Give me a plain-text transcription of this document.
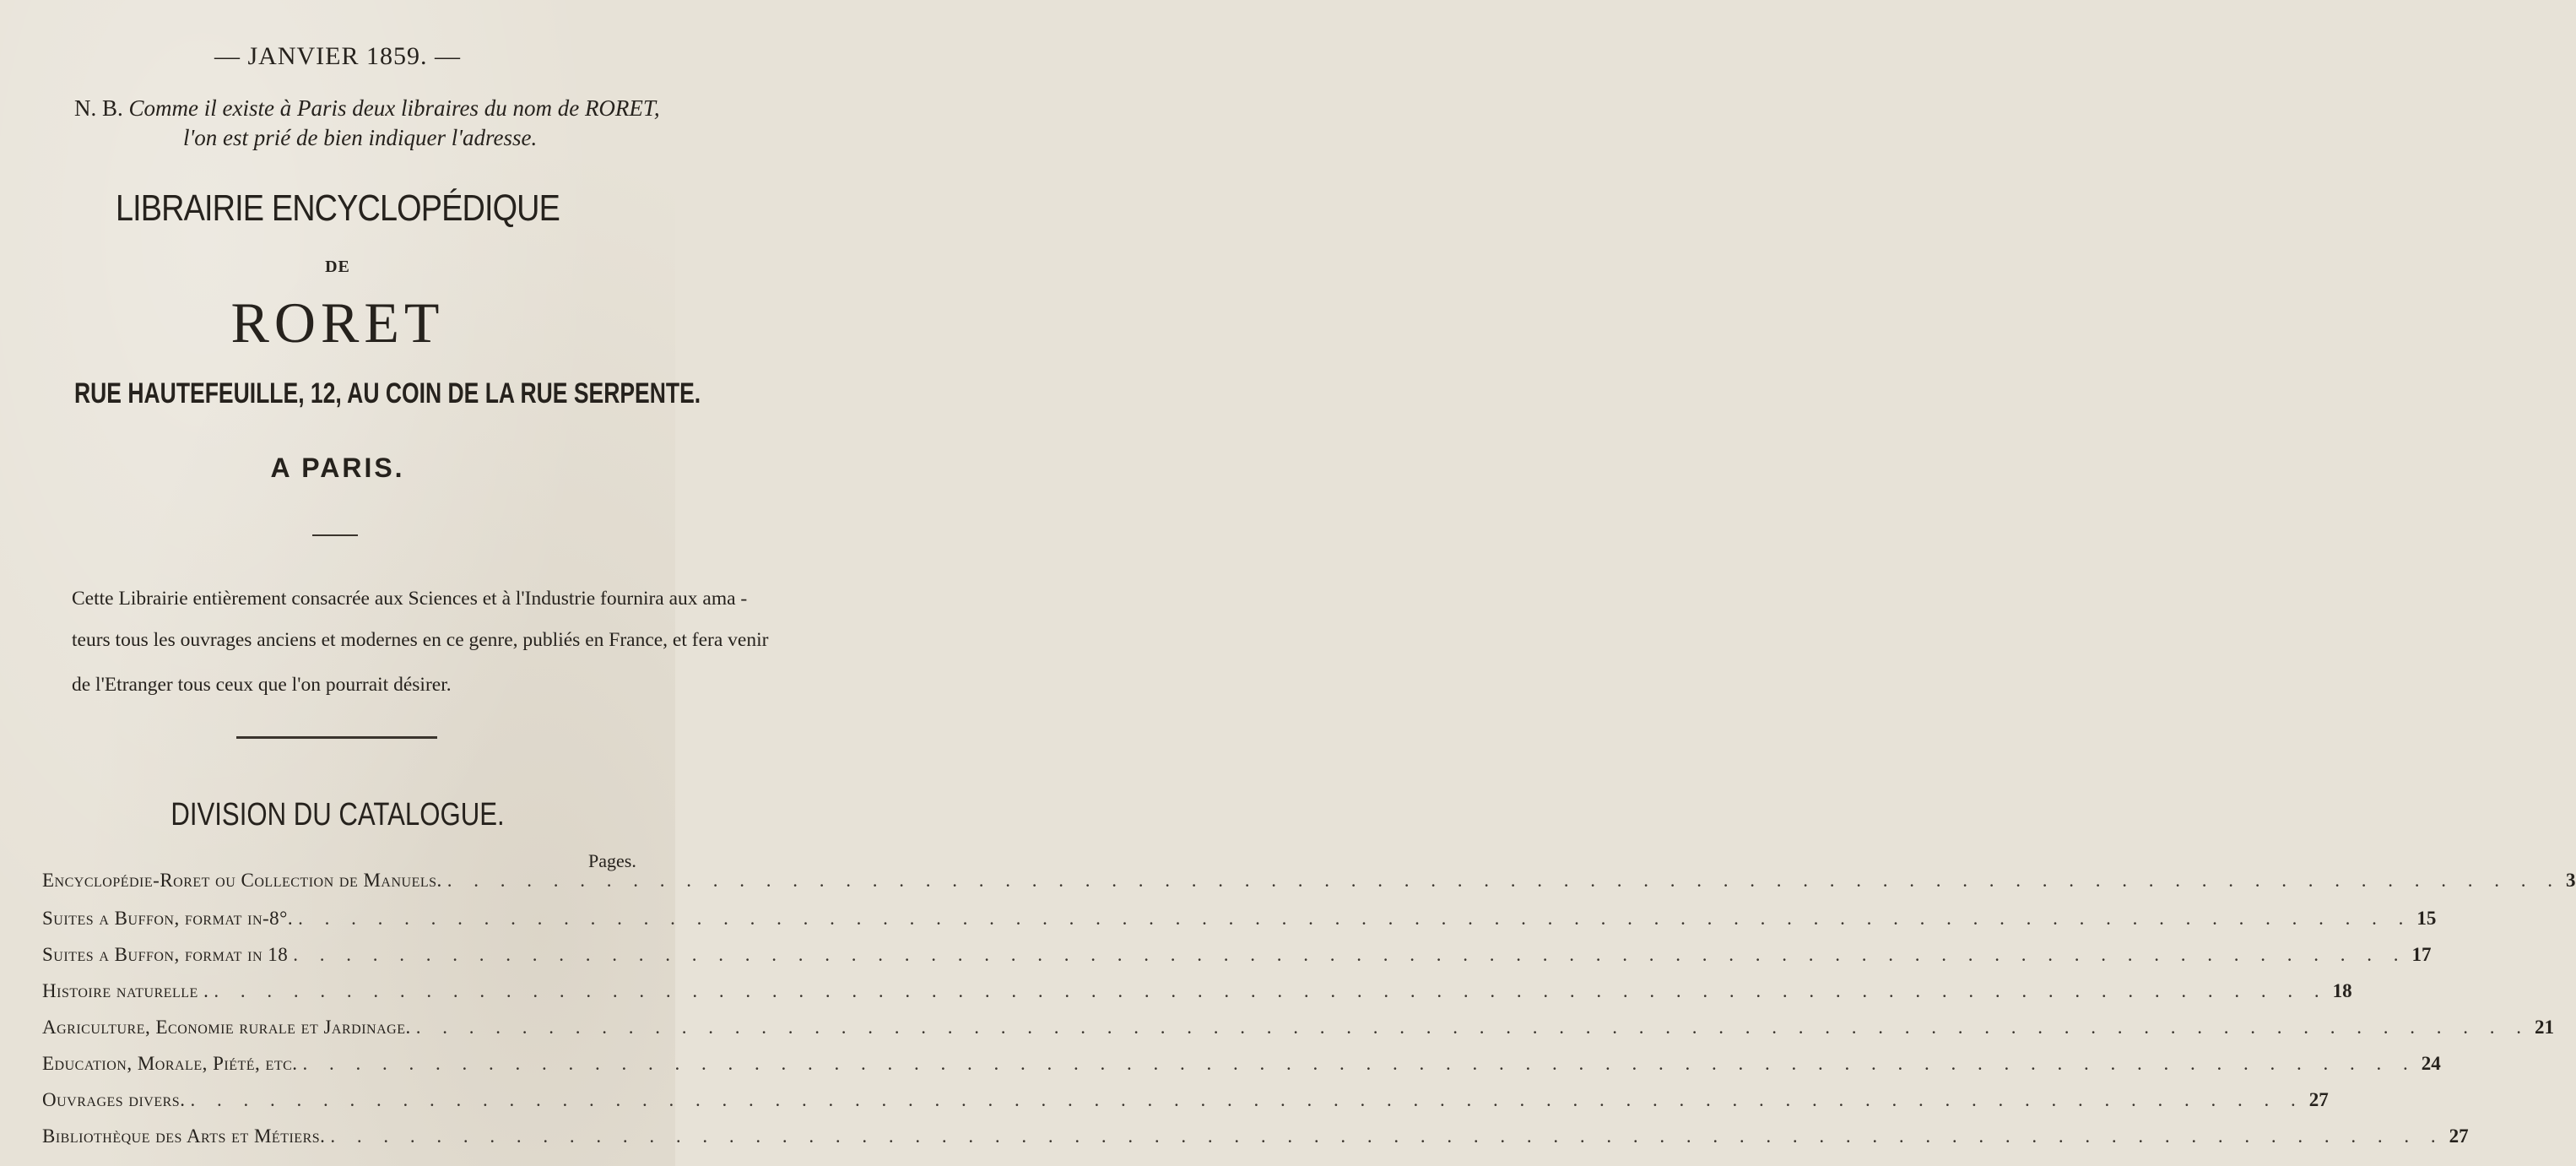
— JANVIER 1859. —
N. B. Comme il existe à Paris deux libraires du nom de RORET,
l'on est prié de bien indiquer l'adresse.
LIBRAIRIE ENCYCLOPÉDIQUE
DE
RORET
RUE HAUTEFEUILLE, 12, AU COIN DE LA RUE SERPENTE.
A PARIS.
Cette Librairie entièrement consacrée aux Sciences et à l'Industrie fournira aux ama -
teurs tous les ouvrages anciens et modernes en ce genre, publiés en France, et fera venir
de l'Etranger tous ceux que l'on pourrait désirer.
DIVISION DU CATALOGUE.
Pages.
Encyclopédie-Roret ou Collection de Manuels. . . .	3
Suites a Buffon, format in-8°. . . .	15
Suites a Buffon, format in 18 . . .	17
Histoire naturelle . . . .	18
Agriculture, Economie rurale et Jardinage. . . .	21
Education, Morale, Piété, etc. . . .	24
Ouvrages divers. . . .	27
Bibliothèque des Arts et Métiers. . . .	27
